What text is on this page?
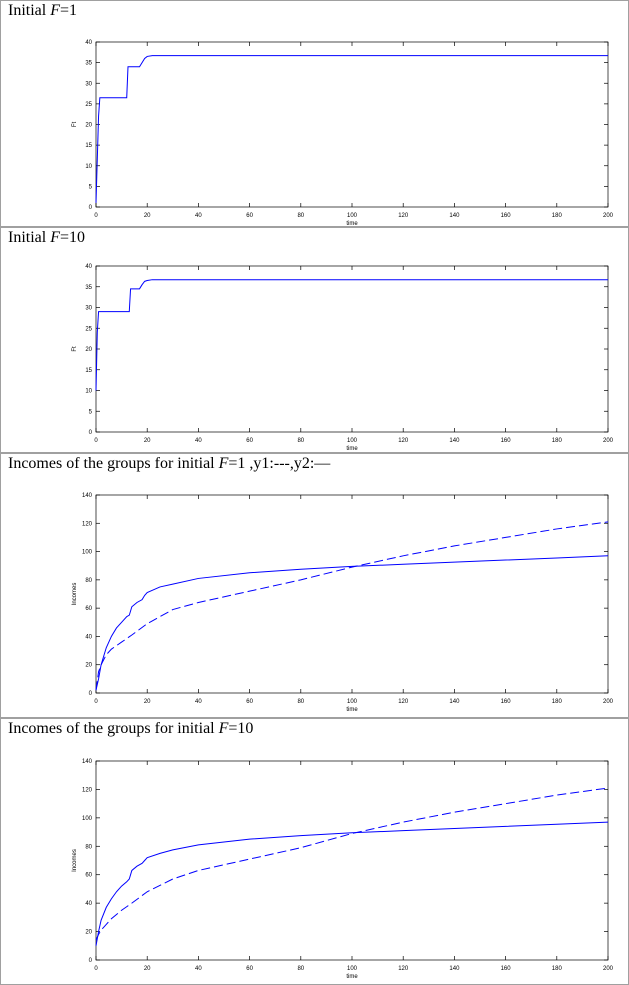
Initial F=1
0	20	40	60	80	100	120	140	160	180	200
0
5
10
15
20
25
30
35
40
time
Ft
Initial F=10
0	20	40	60	80	100	120	140	160	180	200
0
5
10
15
20
25
30
35
40
time
Ft
Incomes of the groups for initial F=1 ,y1:---,y2:—
0	20	40	60	80	100	120	140	160	180	200
0
20
40
60
80
100
120
140
time
Incomes
Incomes of the groups for initial F=10
0	20	40	60	80	100	120	140	160	180	200
0
20
40
60
80
100
120
140
time
Incomes
